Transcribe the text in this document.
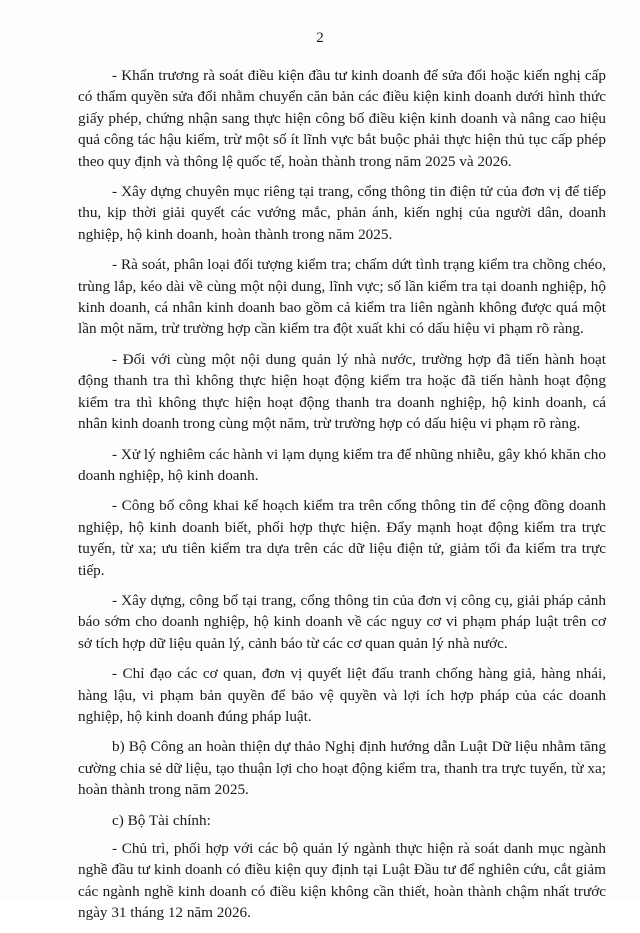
2

- Khẩn trương rà soát điều kiện đầu tư kinh doanh để sửa đổi hoặc kiến nghị cấp có thẩm quyền sửa đổi nhằm chuyển căn bản các điều kiện kinh doanh dưới hình thức giấy phép, chứng nhận sang thực hiện công bố điều kiện kinh doanh và nâng cao hiệu quả công tác hậu kiểm, trừ một số ít lĩnh vực bắt buộc phải thực hiện thủ tục cấp phép theo quy định và thông lệ quốc tế, hoàn thành trong năm 2025 và 2026.

- Xây dựng chuyên mục riêng tại trang, cổng thông tin điện tử của đơn vị để tiếp thu, kịp thời giải quyết các vướng mắc, phản ánh, kiến nghị của người dân, doanh nghiệp, hộ kinh doanh, hoàn thành trong năm 2025.

- Rà soát, phân loại đối tượng kiểm tra; chấm dứt tình trạng kiểm tra chồng chéo, trùng lắp, kéo dài về cùng một nội dung, lĩnh vực; số lần kiểm tra tại doanh nghiệp, hộ kinh doanh, cá nhân kinh doanh bao gồm cả kiểm tra liên ngành không được quá một lần một năm, trừ trường hợp cần kiểm tra đột xuất khi có dấu hiệu vi phạm rõ ràng.

- Đối với cùng một nội dung quản lý nhà nước, trường hợp đã tiến hành hoạt động thanh tra thì không thực hiện hoạt động kiểm tra hoặc đã tiến hành hoạt động kiểm tra thì không thực hiện hoạt động thanh tra doanh nghiệp, hộ kinh doanh, cá nhân kinh doanh trong cùng một năm, trừ trường hợp có dấu hiệu vi phạm rõ ràng.

- Xử lý nghiêm các hành vi lạm dụng kiểm tra để nhũng nhiễu, gây khó khăn cho doanh nghiệp, hộ kinh doanh.

- Công bố công khai kế hoạch kiểm tra trên cổng thông tin để cộng đồng doanh nghiệp, hộ kinh doanh biết, phối hợp thực hiện. Đẩy mạnh hoạt động kiểm tra trực tuyến, từ xa; ưu tiên kiểm tra dựa trên các dữ liệu điện tử, giảm tối đa kiểm tra trực tiếp.

- Xây dựng, công bố tại trang, cổng thông tin của đơn vị công cụ, giải pháp cảnh báo sớm cho doanh nghiệp, hộ kinh doanh về các nguy cơ vi phạm pháp luật trên cơ sở tích hợp dữ liệu quản lý, cảnh báo từ các cơ quan quản lý nhà nước.

- Chỉ đạo các cơ quan, đơn vị quyết liệt đấu tranh chống hàng giả, hàng nhái, hàng lậu, vi phạm bản quyền để bảo vệ quyền và lợi ích hợp pháp của các doanh nghiệp, hộ kinh doanh đúng pháp luật.

b) Bộ Công an hoàn thiện dự thảo Nghị định hướng dẫn Luật Dữ liệu nhằm tăng cường chia sẻ dữ liệu, tạo thuận lợi cho hoạt động kiểm tra, thanh tra trực tuyến, từ xa; hoàn thành trong năm 2025.

c) Bộ Tài chính:

- Chủ trì, phối hợp với các bộ quản lý ngành thực hiện rà soát danh mục ngành nghề đầu tư kinh doanh có điều kiện quy định tại Luật Đầu tư để nghiên cứu, cắt giảm các ngành nghề kinh doanh có điều kiện không cần thiết, hoàn thành chậm nhất trước ngày 31 tháng 12 năm 2026.
